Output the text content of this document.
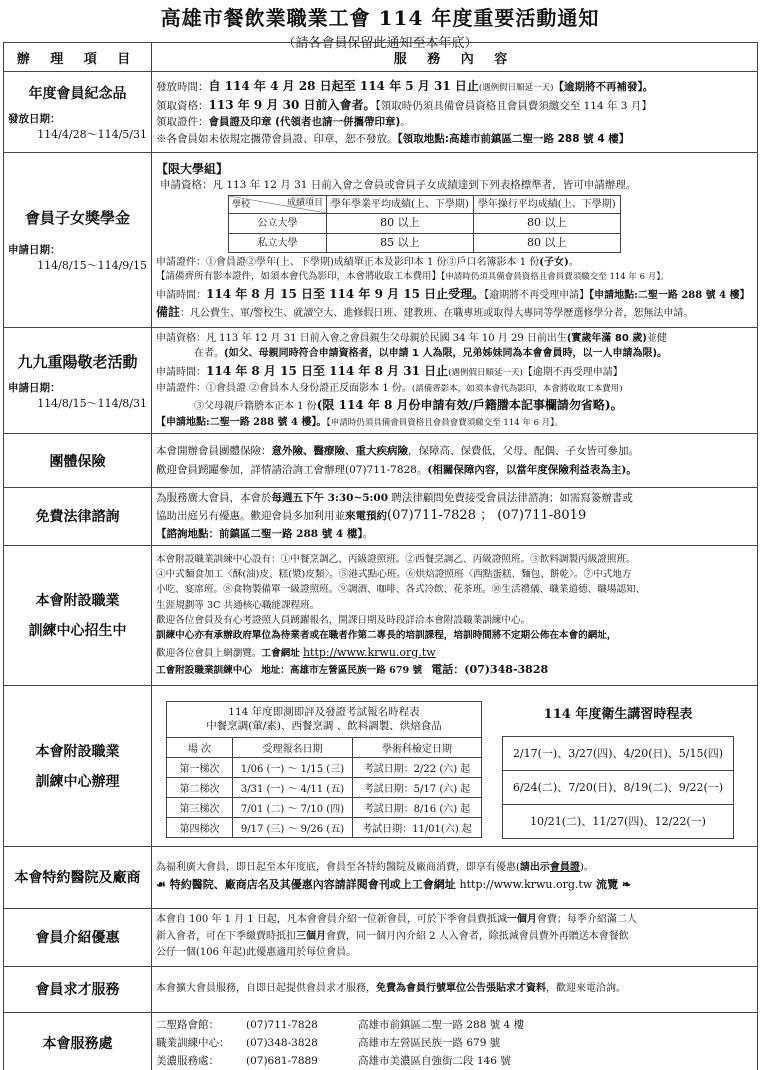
高雄市餐飲業職業工會 114 年度重要活動通知
（請各會員保留此通知至本年底）
辦 理 項 目	服 務 內 容

年度會員紀念品
發放日期：
114/4/28～114/5/31

發放時間：自 114 年 4 月 28 日起至 114 年 5 月 31 日止(遇例假日順延一天)【逾期將不再補發】。
領取資格：113 年 9 月 30 日前入會者。【領取時仍須具備會員資格且會員費須繳交至 114 年 3 月】
領取證件：會員證及印章 (代領者也請一併攜帶印章)。
※各會員如未依規定攜帶會員證、印章，恕不發放。【領取地點:高雄市前鎮區二聖一路 288 號 4 樓】

會員子女獎學金
申請日期：
114/8/15～114/9/15

【限大學組】
申請資格：凡 113 年 12 月 31 日前入會之會員或會員子女成績達到下列表格標準者，皆可申請辦理。
成績項目
學校	學年學業平均成績(上、下學期)	學年操行平均成績(上、下學期)
公立大學	80 以上	80 以上
私立大學	85 以上	80 以上
申請證件：①會員證②學年(上、下學期)成績單正本及影印本 1 份③戶口名簿影本 1 份(子女)。
【請備齊所有影本證件，如須本會代為影印，本會將收取工本費用】【申請時仍須具備會員資格且會員費須繳交至 114 年 6 月】。
申請時間：114 年 8 月 15 日至 114 年 9 月 15 日止受理。【逾期將不再受理申請】【申請地點:二聖一路 288 號 4 樓】
備註：凡公費生、軍/警校生、就讀空大、進修假日班、建教班、在職專班或取得大專同等學歷選修學分者，恕無法申請。

九九重陽敬老活動
申請日期：
114/8/15～114/8/31

申請資格：凡 113 年 12 月 31 日前入會之會員親生父母親於民國 34 年 10 月 29 日前出生(實歲年滿 80 歲)並健
在者。(如父、母親同時符合申請資格者，以申請 1 人為限，兄弟姊妹同為本會會員時，以一人申請為限)。
申請時間：114 年 8 月 15 日至 114 年 8 月 31 日止(遇例假日順延一天)【逾期不再受理申請】
申請證件：①會員證 ②會員本人身份證正反面影本 1 份。(請備齊影本，如須本會代為影印，本會將收取工本費用)
③父母親戶籍謄本正本 1 份(限 114 年 8 月份申請有效/戶籍謄本記事欄請勿省略)。
【申請地點:二聖一路 288 號 4 樓】。【申請時仍須具備會員資格且會員會費須繳交至 114 年 6 月】。

團體保險

本會開辦會員團體保險：意外險、醫療險、重大疾病險，保障高、保費低，父母、配偶、子女皆可參加。
歡迎會員踴躍參加，詳情請洽詢工會辦理(07)711-7828。(相關保障內容，以當年度保險利益表為主)。

免費法律諮詢

為服務廣大會員，本會於每週五下午 3:30~5:00 聘法律顧問免費接受會員法律諮詢；如需寫簽辦書或
協助出庭另有優惠。歡迎會員多加利用並來電預約(07)711-7828 ； (07)711-8019
【諮詢地點：前鎮區二聖一路 288 號 4 樓】。

本會附設職業
訓練中心招生中

本會附設職業訓練中心設有：①中餐烹調乙、丙級證照班。②西餐烹調乙、丙級證照班。③飲料調製丙級證照班。
④中式麵食加工〈酥(油)皮、糕(漿)皮類〉。⑤港式點心班。⑥烘焙證照班〈西點蛋糕、麵包、餅乾〉。⑦中式地方
小吃、宴席班。⑧食物製備單一級證照班。⑨調酒、咖啡、各式冷飲、花茶班。⑩生活禮儀、職業道德、職場認知、
生涯規劃等 3C 共通核心職能課程班。
歡迎各位會員及有心考證照人員踴躍報名，開課日期及時段詳洽本會附設職業訓練中心。
訓練中心亦有承辦政府單位為待業者或在職者作第二專長的培訓課程，培訓時間將不定期公佈在本會的網址，
歡迎各位會員上網瀏覽。工會網址 http://www.krwu.org.tw
工會附設職業訓練中心 地址：高雄市左營區民族一路 679 號 電話：(07)348-3828

本會附設職業
訓練中心辦理

114 年度即測即評及發證考試報名時程表
中餐烹調(葷/素)、西餐烹調 、飲料調製、烘焙食品

場 次	受理報名日期	學術科檢定日期
第一梯次	1/06 (一) ～ 1/15 (三)	考試日期：2/22 (六) 起
第二梯次	3/31 (一) ～ 4/11 (五)	考試日期：5/17 (六) 起
第三梯次	7/01 (二) ～ 7/10 (四)	考試日期：8/16 (六) 起
第四梯次	9/17 (三) ～ 9/26 (五)	考試日期：11/01(六) 起
114 年度衛生講習時程表
2/17(一)、3/27(四)、4/20(日)、5/15(四)
6/24(二)、7/20(日)、8/19(二)、9/22(一)
10/21(二)、11/27(四)、12/22(一)

本會特約醫院及廠商

為福利廣大會員，即日起至本年度底，會員至各特約醫院及廠商消費，即享有優惠(請出示會員證)。
☙ 特約醫院、廠商店名及其優惠內容請詳閱會刊或上工會網址 http://www.krwu.org.tw 流覽 ❧

會員介紹優惠

本會自 100 年 1 月 1 日起，凡本會會員介紹一位新會員，可於下季會員費抵減一個月會費；每季介紹滿二人
新入會者，可在下季繳費時抵扣三個月會費，同一個月內介紹 2 人入會者，除抵減會員費外再贈送本會餐飲
公仔一個(106 年起)此優惠適用於每位會員。

會員求才服務	本會擴大會員服務，自即日起提供會員求才服務，免費為會員行號單位公告張貼求才資料，歡迎來電洽詢。

本會服務處

二聖路會館：	(07)711-7828	高雄市前鎮區二聖一路 288 號 4 樓
職業訓練中心：	(07)348-3828	高雄市左營區民族一路 679 號
美濃服務處：	(07)681-7889	高雄市美濃區自強街二段 146 號
